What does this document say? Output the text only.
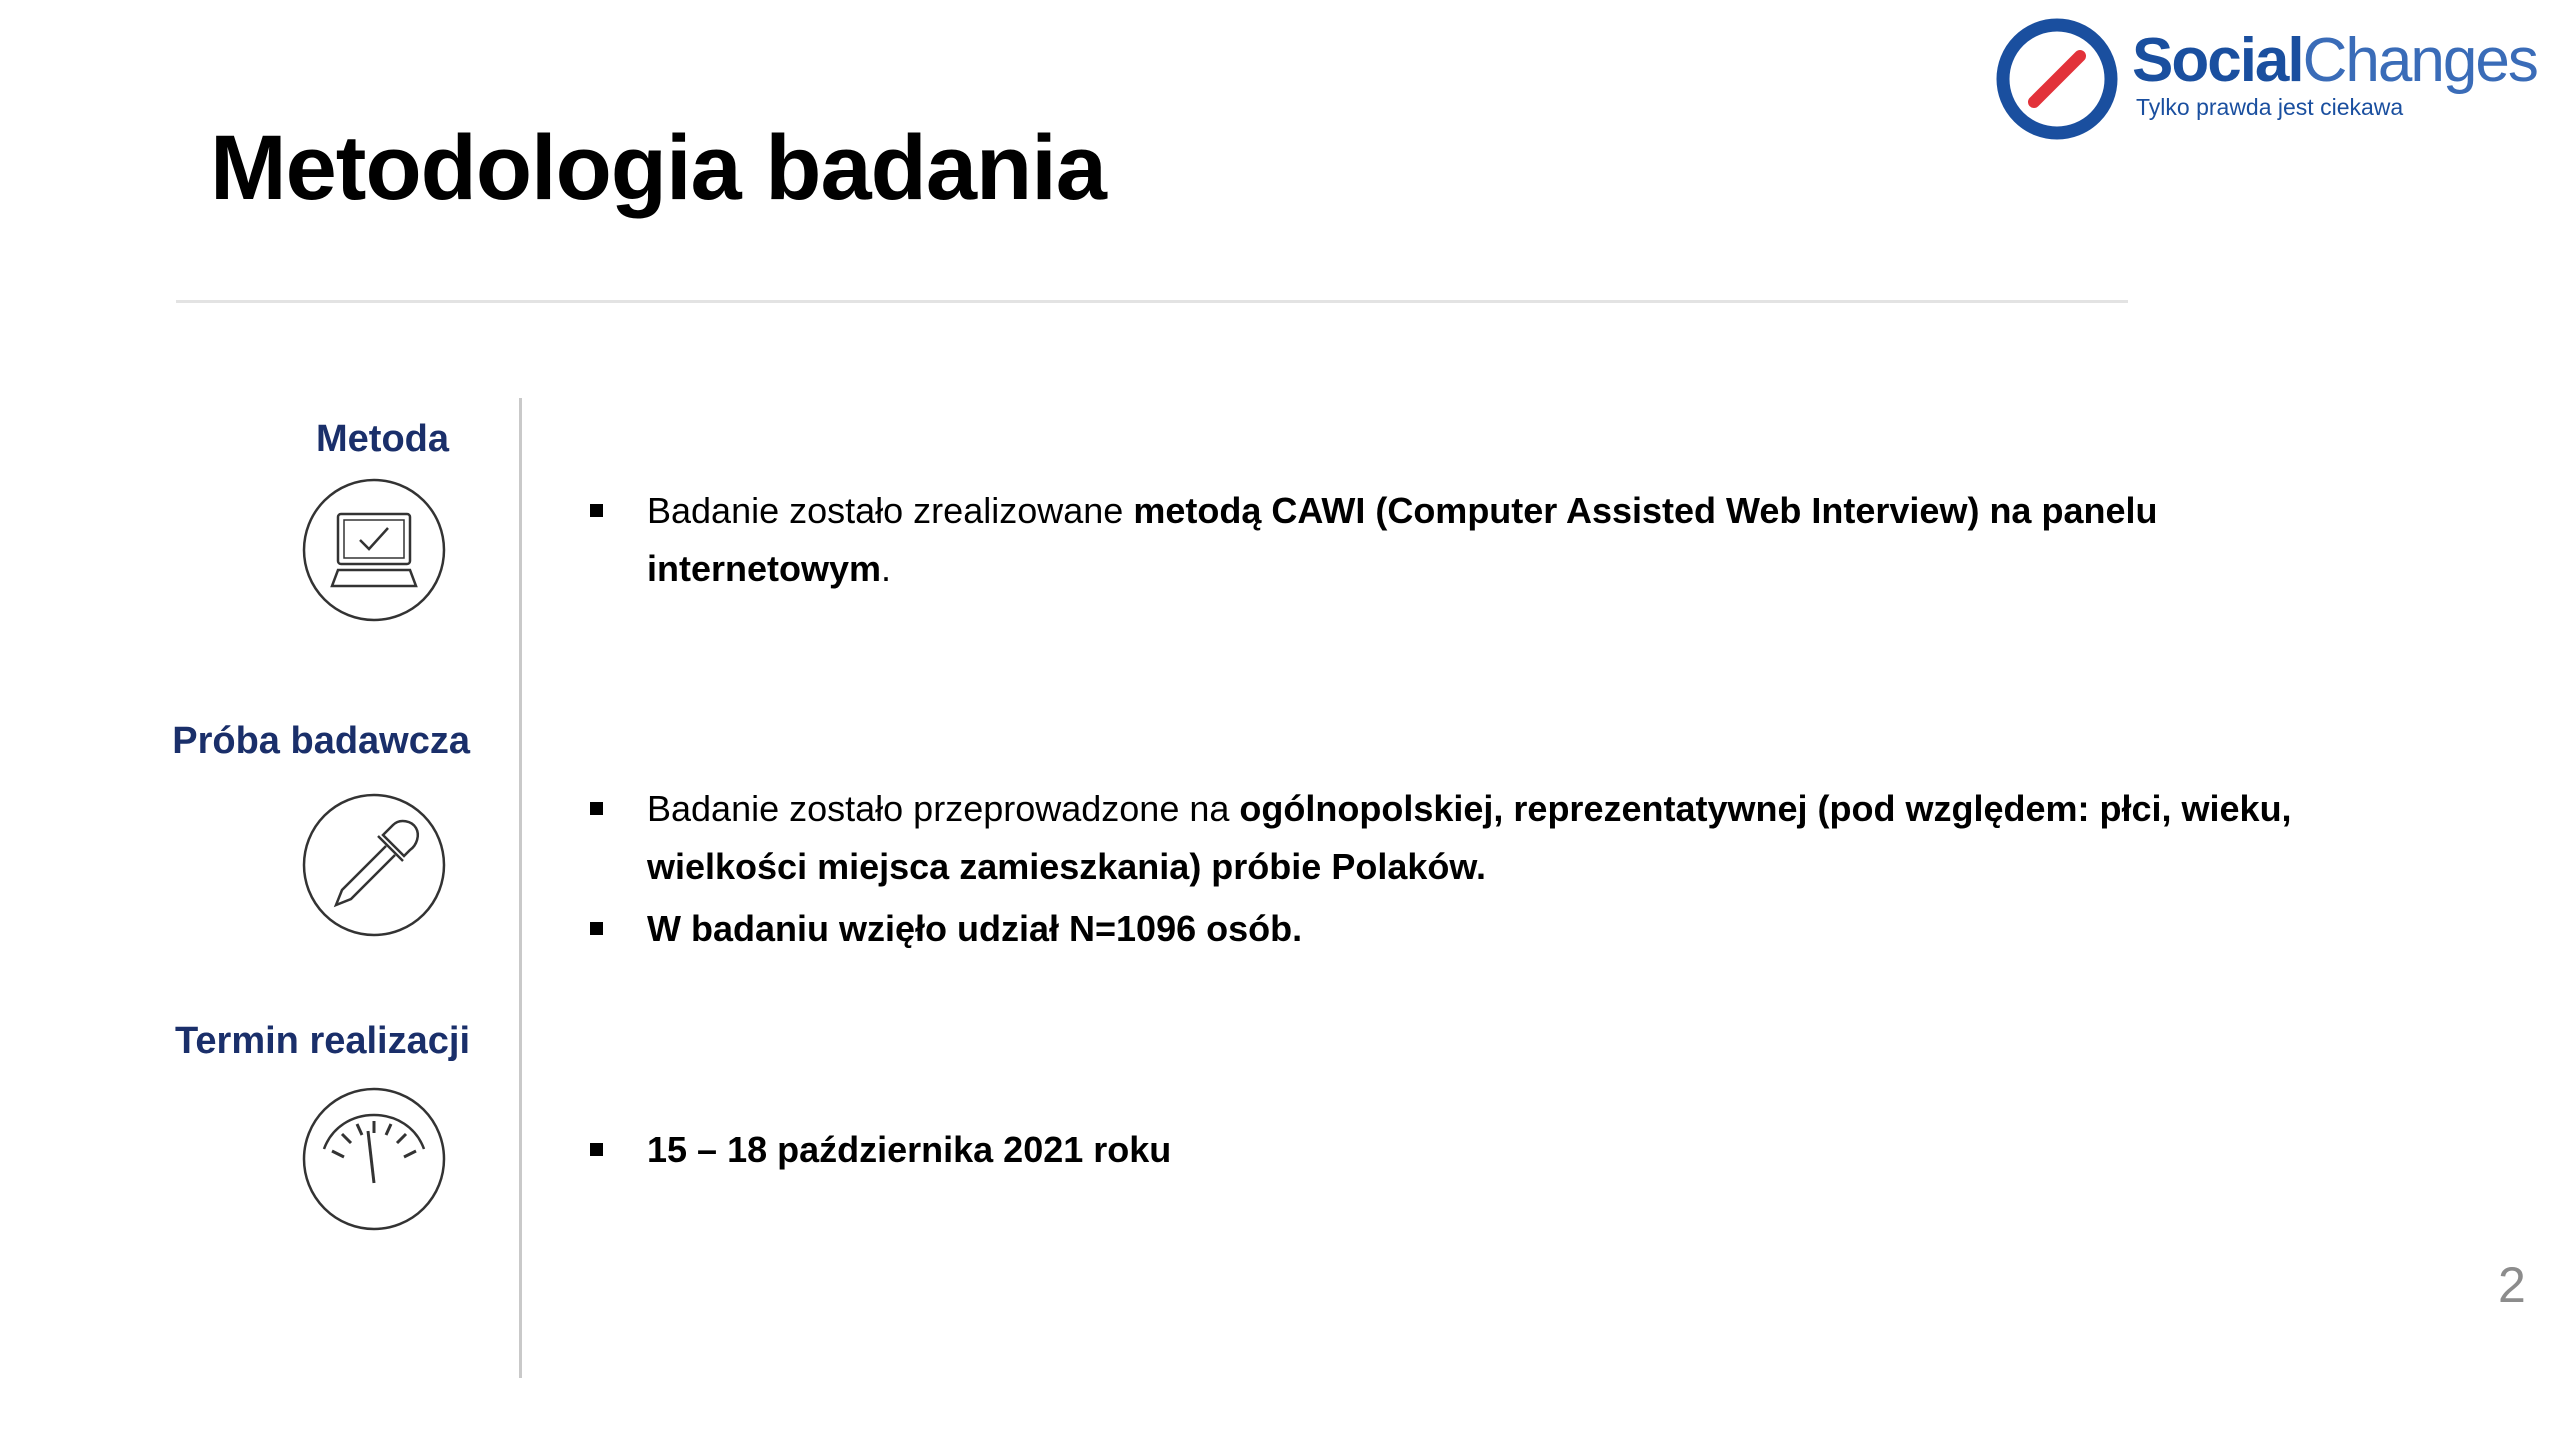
Metodologia badania
SocialChanges
Tylko prawda jest ciekawa
Metoda
Badanie zostało zrealizowane metodą CAWI (Computer Assisted Web Interview) na panelu internetowym.
Próba badawcza
Badanie zostało przeprowadzone na ogólnopolskiej, reprezentatywnej (pod względem: płci, wieku, wielkości miejsca zamieszkania) próbie Polaków.
W badaniu wzięło udział N=1096 osób.
Termin realizacji
15 – 18 października 2021 roku
2
